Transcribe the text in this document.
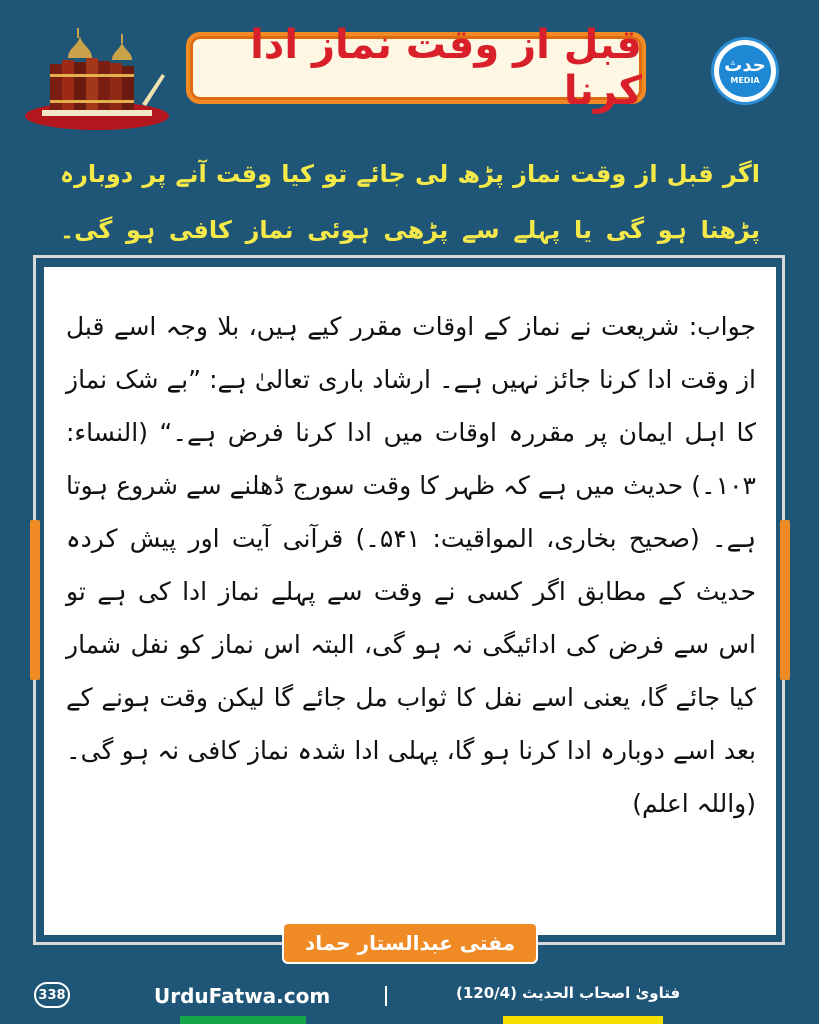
قبل از وقت نماز ادا کرنا
حدث
MEDIA
اگر قبل از وقت نماز پڑھ لی جائے تو کیا وقت آنے پر دوبارہ پڑھنا ہو گی یا پہلے سے پڑھی ہوئی نماز کافی ہو گی۔
جواب: شریعت نے نماز کے اوقات مقرر کیے ہیں، بلا وجہ اسے قبل از وقت ادا کرنا جائز نہیں ہے۔ ارشاد باری تعالیٰ ہے: ”بے شک نماز کا اہل ایمان پر مقررہ اوقات میں ادا کرنا فرض ہے۔“ (النساء: ۱۰۳۔) حدیث میں ہے کہ ظہر کا وقت سورج ڈھلنے سے شروع ہوتا ہے۔ (صحیح بخاری، المواقیت: ۵۴۱۔) قرآنی آیت اور پیش کردہ حدیث کے مطابق اگر کسی نے وقت سے پہلے نماز ادا کی ہے تو اس سے فرض کی ادائیگی نہ ہو گی، البتہ اس نماز کو نفل شمار کیا جائے گا، یعنی اسے نفل کا ثواب مل جائے گا لیکن وقت ہونے کے بعد اسے دوبارہ ادا کرنا ہو گا، پہلی ادا شدہ نماز کافی نہ ہو گی۔ (واللہ اعلم)
مفتی عبدالستار حماد
338	UrduFatwa.com	فتاویٰ اصحاب الحدیث (120/4)
